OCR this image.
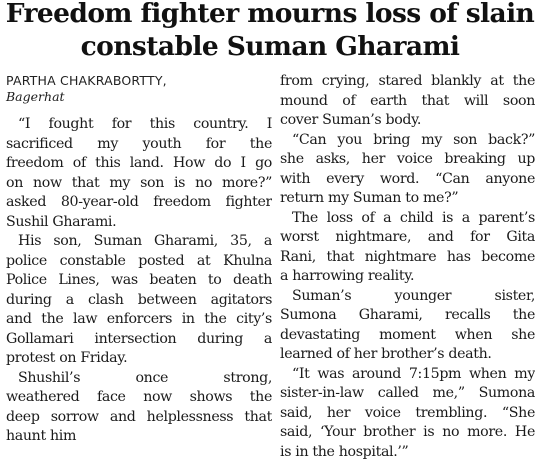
Freedom fighter mourns loss of slain
constable Suman Gharami
PARTHA CHAKRABORTTY,
Bagerhat
“I fought for this country. I
sacrificed my youth for the
freedom of this land. How do I go
on now that my son is no more?”
asked 80-year-old freedom fighter
Sushil Gharami.
His son, Suman Gharami, 35, a
police constable posted at Khulna
Police Lines, was beaten to death
during a clash between agitators
and the law enforcers in the city’s
Gollamari intersection during a
protest on Friday.
Shushil’s once strong,
weathered face now shows the
deep sorrow and helplessness that
haunt him
from crying, stared blankly at the
mound of earth that will soon
cover Suman’s body.
“Can you bring my son back?”
she asks, her voice breaking up
with every word. “Can anyone
return my Suman to me?”
The loss of a child is a parent’s
worst nightmare, and for Gita
Rani, that nightmare has become
a harrowing reality.
Suman’s younger sister,
Sumona Gharami, recalls the
devastating moment when she
learned of her brother’s death.
“It was around 7:15pm when my
sister-in-law called me,” Sumona
said, her voice trembling. “She
said, ‘Your brother is no more. He
is in the hospital.’”
